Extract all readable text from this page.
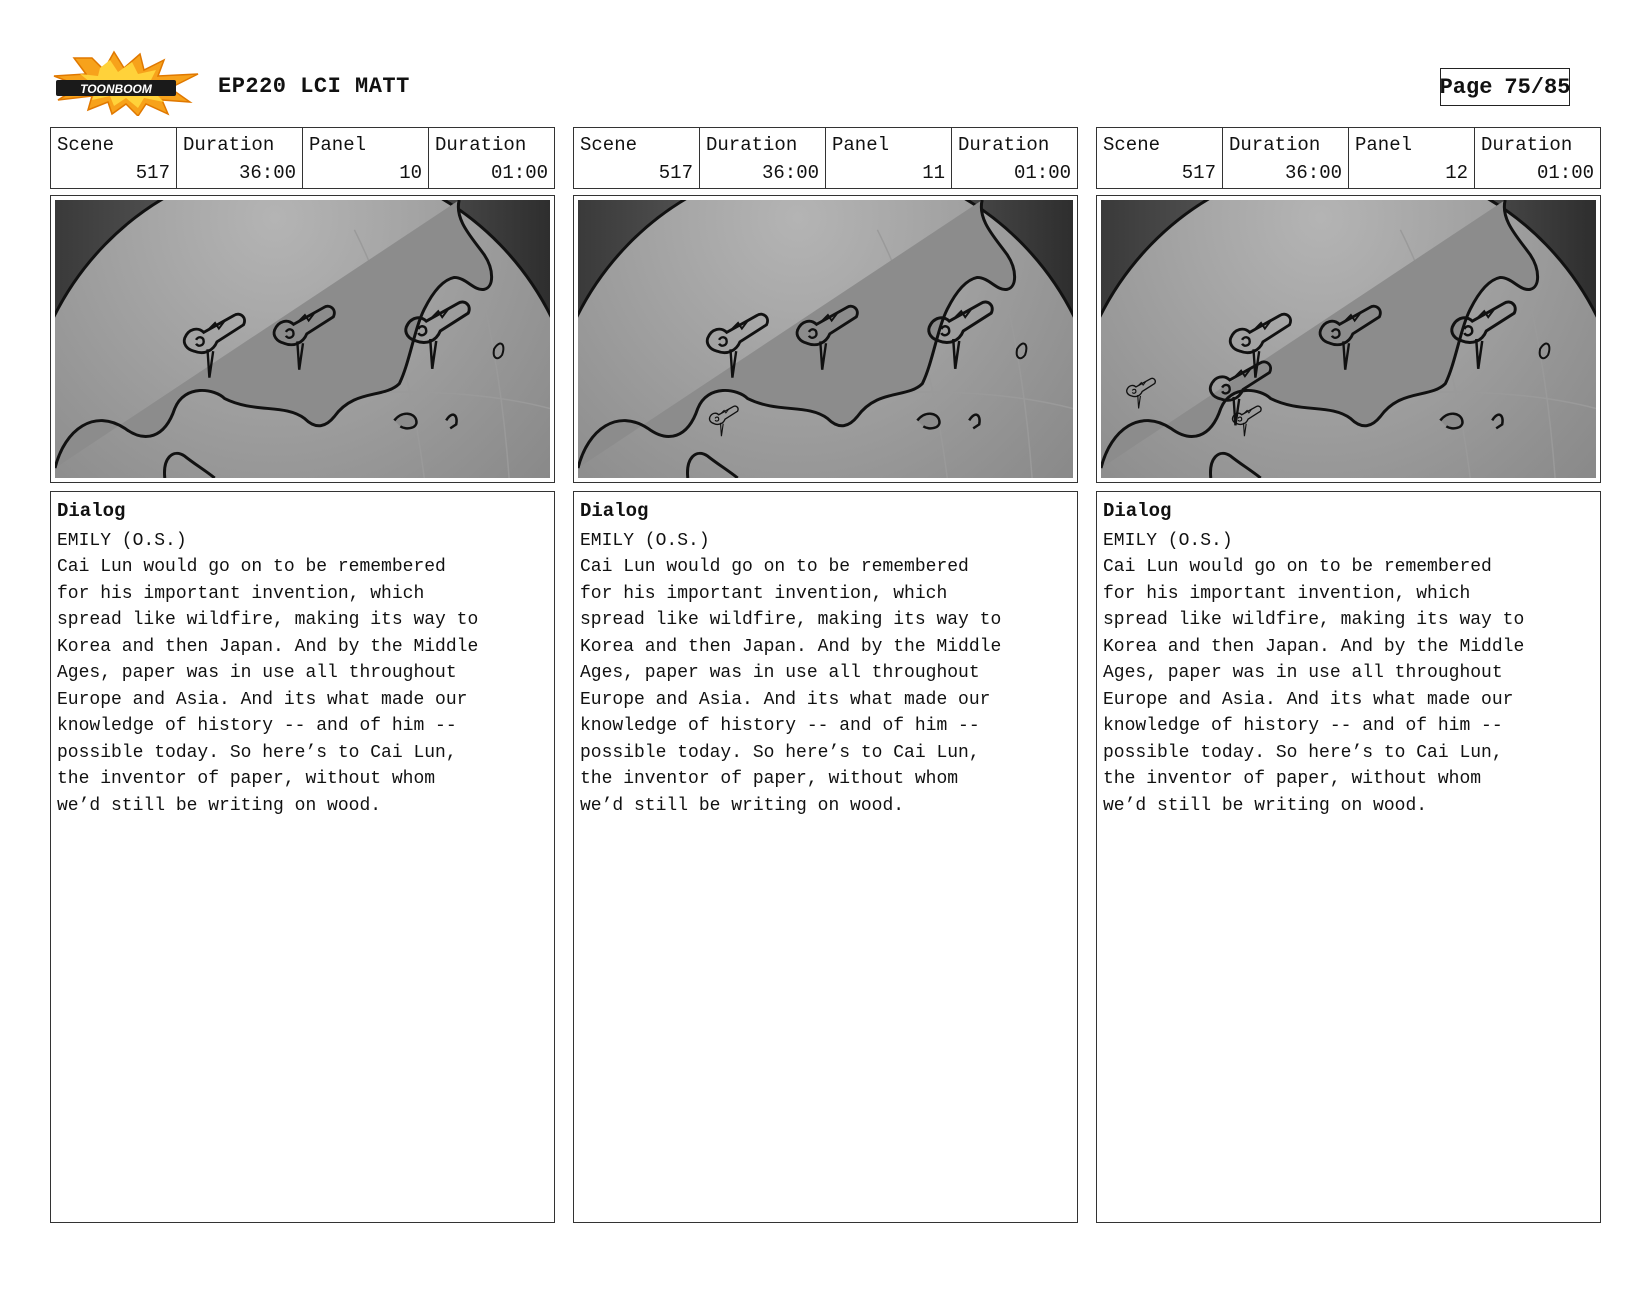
TOONBOOM	EP220 LCI MATT	Page 75/85
Scene
517
Duration
36:00
Panel
10
Duration
01:00
Dialog
EMILY (O.S.)
Cai Lun would go on to be remembered
for his important invention, which
spread like wildfire, making its way to
Korea and then Japan. And by the Middle
Ages, paper was in use all throughout
Europe and Asia. And its what made our
knowledge of history -- and of him --
possible today. So here’s to Cai Lun,
the inventor of paper, without whom
we’d still be writing on wood.
Scene
517
Duration
36:00
Panel
11
Duration
01:00
Dialog
EMILY (O.S.)
Cai Lun would go on to be remembered
for his important invention, which
spread like wildfire, making its way to
Korea and then Japan. And by the Middle
Ages, paper was in use all throughout
Europe and Asia. And its what made our
knowledge of history -- and of him --
possible today. So here’s to Cai Lun,
the inventor of paper, without whom
we’d still be writing on wood.
Scene
517
Duration
36:00
Panel
12
Duration
01:00
Dialog
EMILY (O.S.)
Cai Lun would go on to be remembered
for his important invention, which
spread like wildfire, making its way to
Korea and then Japan. And by the Middle
Ages, paper was in use all throughout
Europe and Asia. And its what made our
knowledge of history -- and of him --
possible today. So here’s to Cai Lun,
the inventor of paper, without whom
we’d still be writing on wood.
